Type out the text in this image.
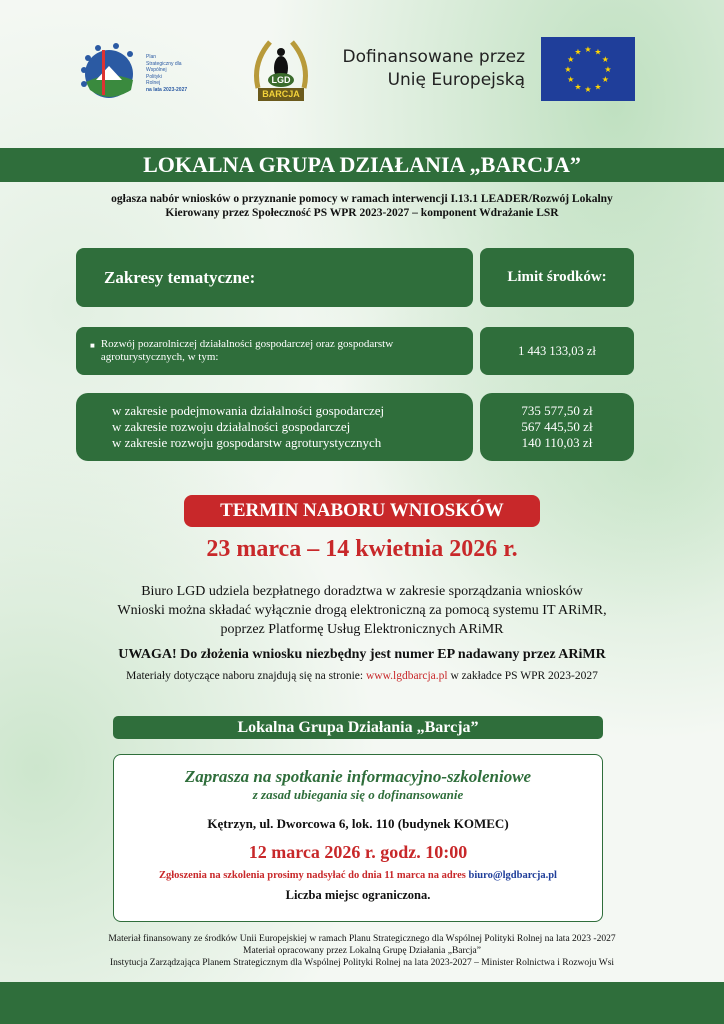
Plan
Strategiczny dla
Wspólnej
Polityki
Rolnej
na lata 2023-2027
LGD
BARCJA
Dofinansowane przez
Unię Europejską
★ ★
★
★
★
★
★
★
★
★
★
★
LOKALNA GRUPA DZIAŁANIA „BARCJA”
ogłasza nabór wniosków o przyznanie pomocy w ramach interwencji I.13.1 LEADER/Rozwój Lokalny
Kierowany przez Społeczność PS WPR 2023-2027 – komponent Wdrażanie LSR
Zakresy tematyczne:	Limit środków:
■ Rozwój pozarolniczej działalności gospodarczej oraz gospodarstw agroturystycznych, w tym:	1 443 133,03 zł
w zakresie podejmowania działalności gospodarczej
w zakresie rozwoju działalności gospodarczej
w zakresie rozwoju gospodarstw agroturystycznych
735 577,50 zł
567 445,50 zł
140 110,03 zł
TERMIN NABORU WNIOSKÓW
23 marca – 14 kwietnia 2026 r.
Biuro LGD udziela bezpłatnego doradztwa w zakresie sporządzania wniosków
Wnioski można składać wyłącznie drogą elektroniczną za pomocą systemu IT ARiMR,
poprzez Platformę Usług Elektronicznych ARiMR
UWAGA! Do złożenia wniosku niezbędny jest numer EP nadawany przez ARiMR
Materiały dotyczące naboru znajdują się na stronie: www.lgdbarcja.pl w zakładce PS WPR 2023-2027
Lokalna Grupa Działania „Barcja”
Zaprasza na spotkanie informacyjno-szkoleniowe
z zasad ubiegania się o dofinansowanie
Kętrzyn, ul. Dworcowa 6, lok. 110 (budynek KOMEC)
12 marca 2026 r. godz. 10:00
Zgłoszenia na szkolenia prosimy nadsyłać do dnia 11 marca na adres biuro@lgdbarcja.pl
Liczba miejsc ograniczona.
Materiał finansowany ze środków Unii Europejskiej w ramach Planu Strategicznego dla Wspólnej Polityki Rolnej na lata 2023 -2027
Materiał opracowany przez Lokalną Grupę Działania „Barcja”
Instytucja Zarządzająca Planem Strategicznym dla Wspólnej Polityki Rolnej na lata 2023-2027 – Minister Rolnictwa i Rozwoju Wsi
